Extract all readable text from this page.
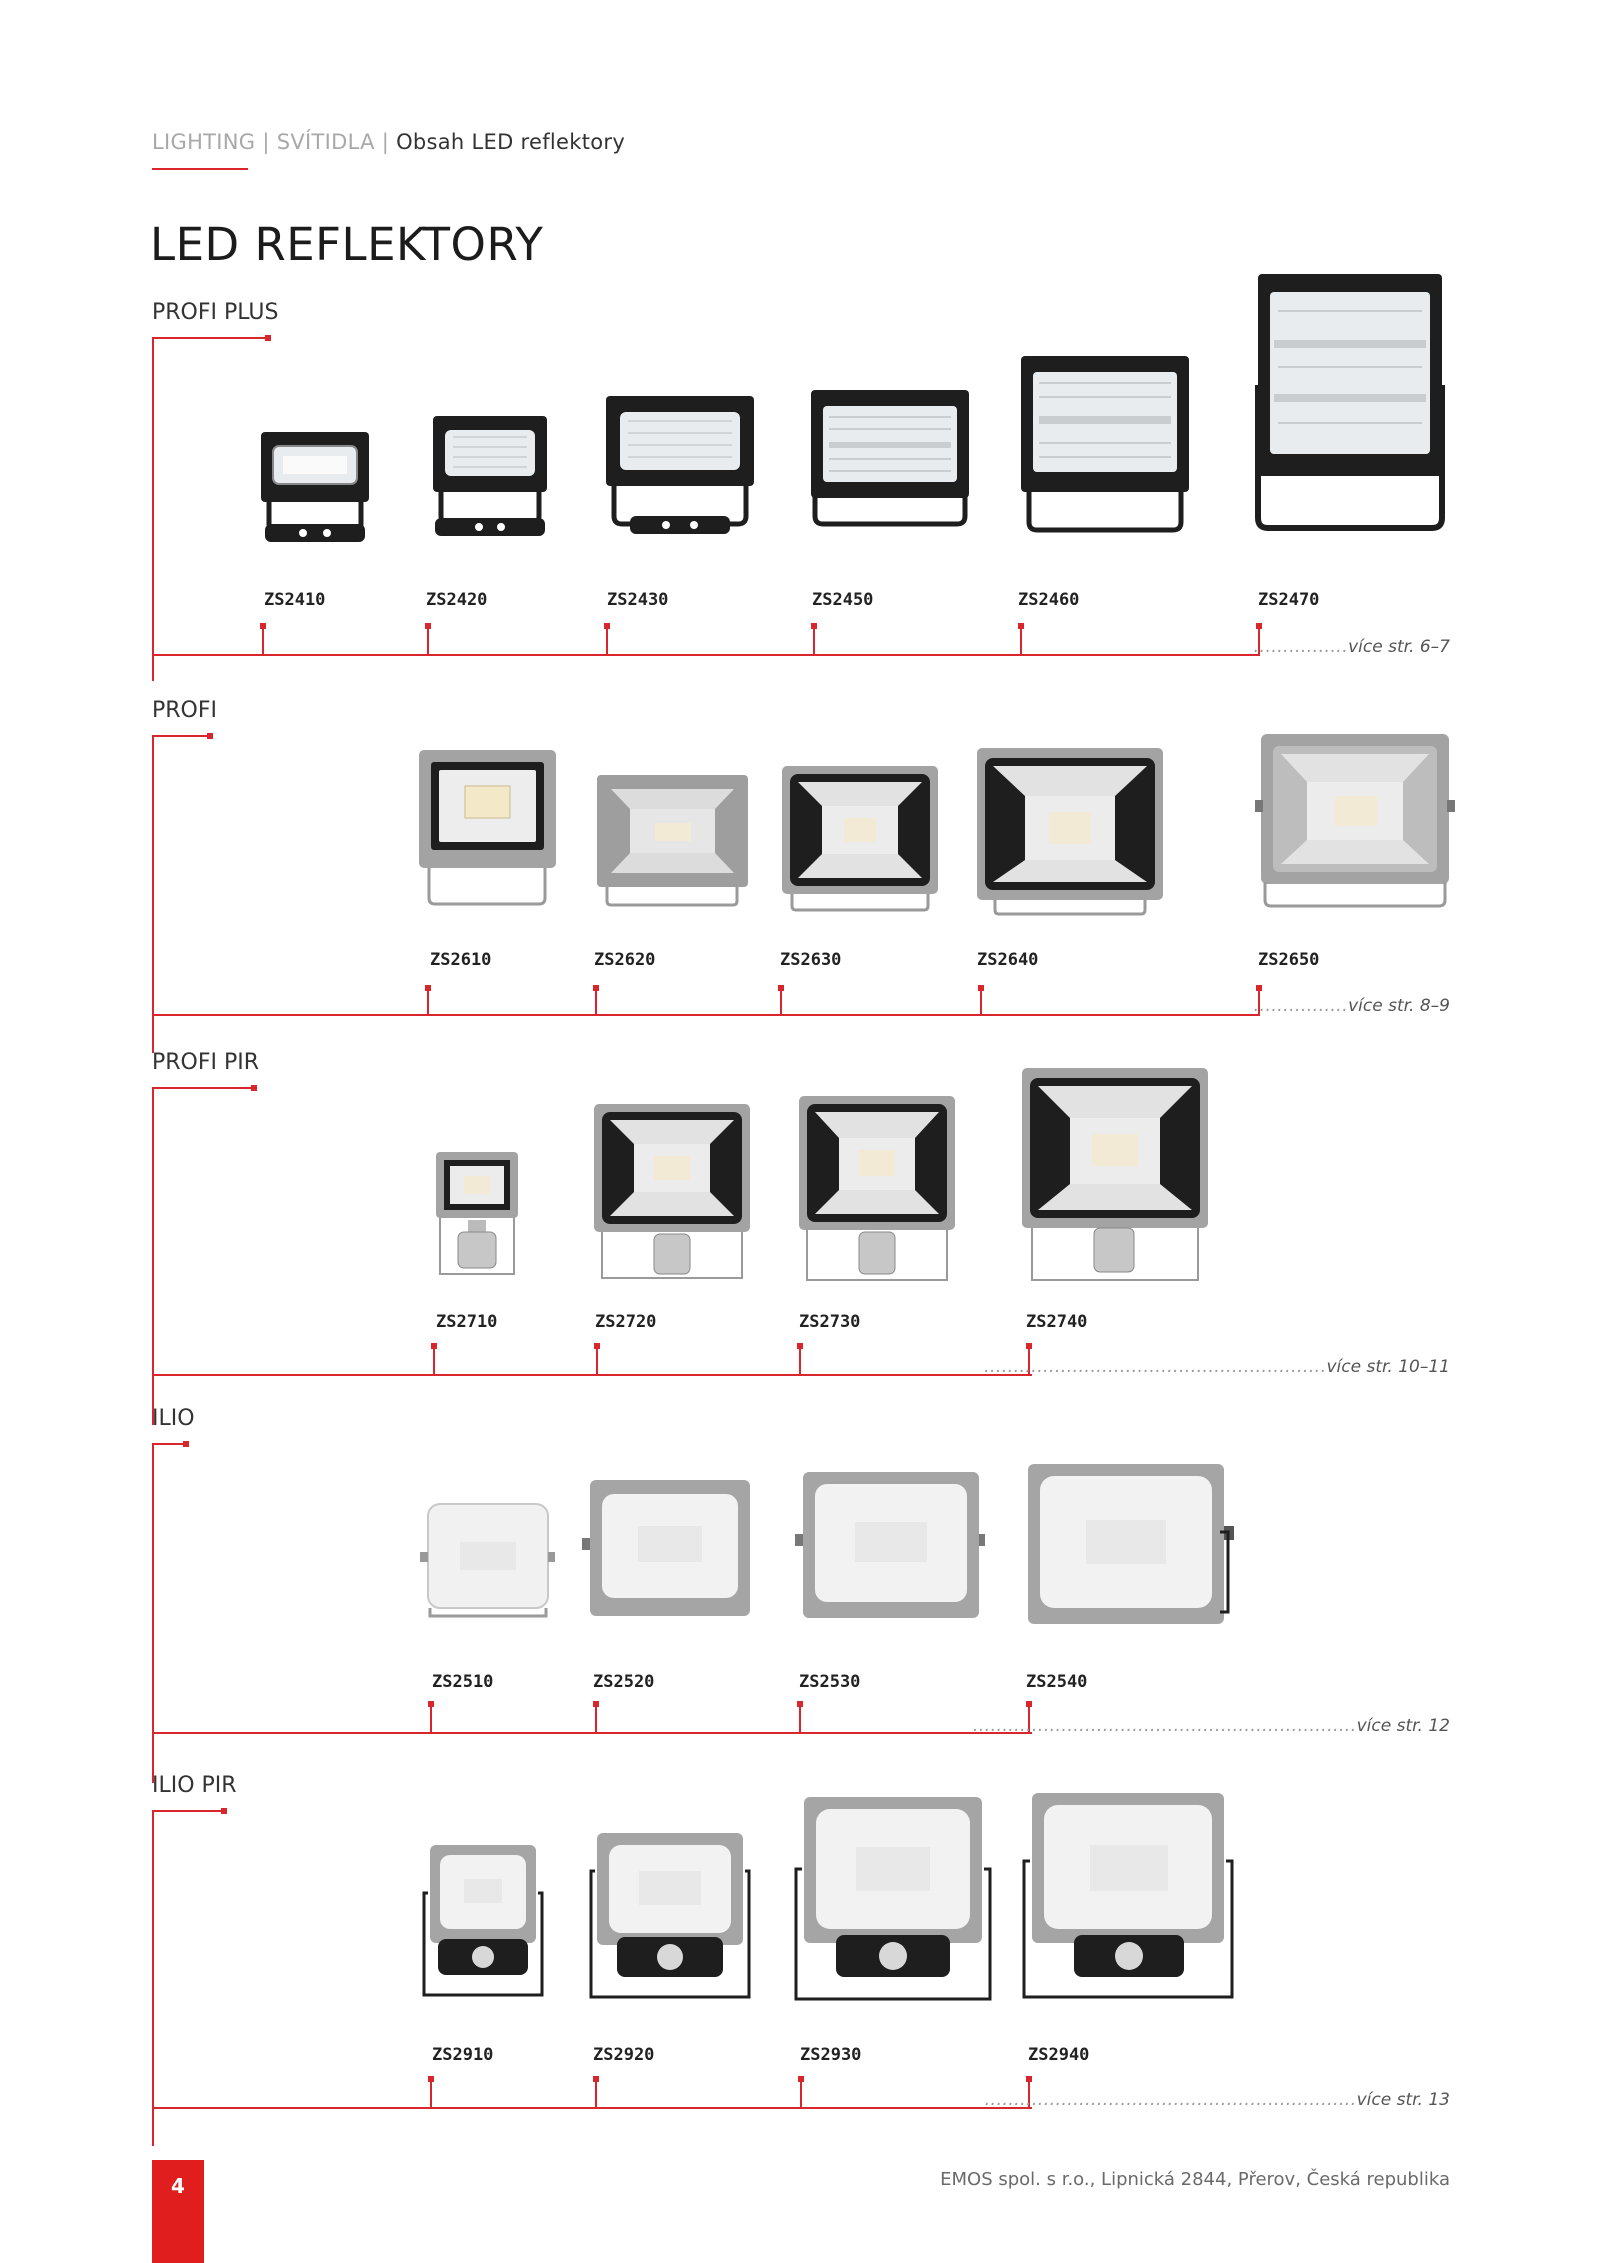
LIGHTING | SVÍTIDLA | Obsah LED reflektory
LED REFLEKTORY
PROFI PLUS
ZS2410	ZS2420	ZS2430	ZS2450	ZS2460	ZS2470
................více str. 6–7
PROFI
ZS2610	ZS2620	ZS2630	ZS2640	ZS2650
................více str. 8–9
PROFI PIR
ZS2710	ZS2720	ZS2730	ZS2740
..........................................................více str. 10–11
ILIO
ZS2510	ZS2520	ZS2530	ZS2540
.................................................................více str. 12
ILIO PIR
ZS2910	ZS2920	ZS2930	ZS2940
...............................................................více str. 13
4	EMOS spol. s r.o., Lipnická 2844, Přerov, Česká republika
